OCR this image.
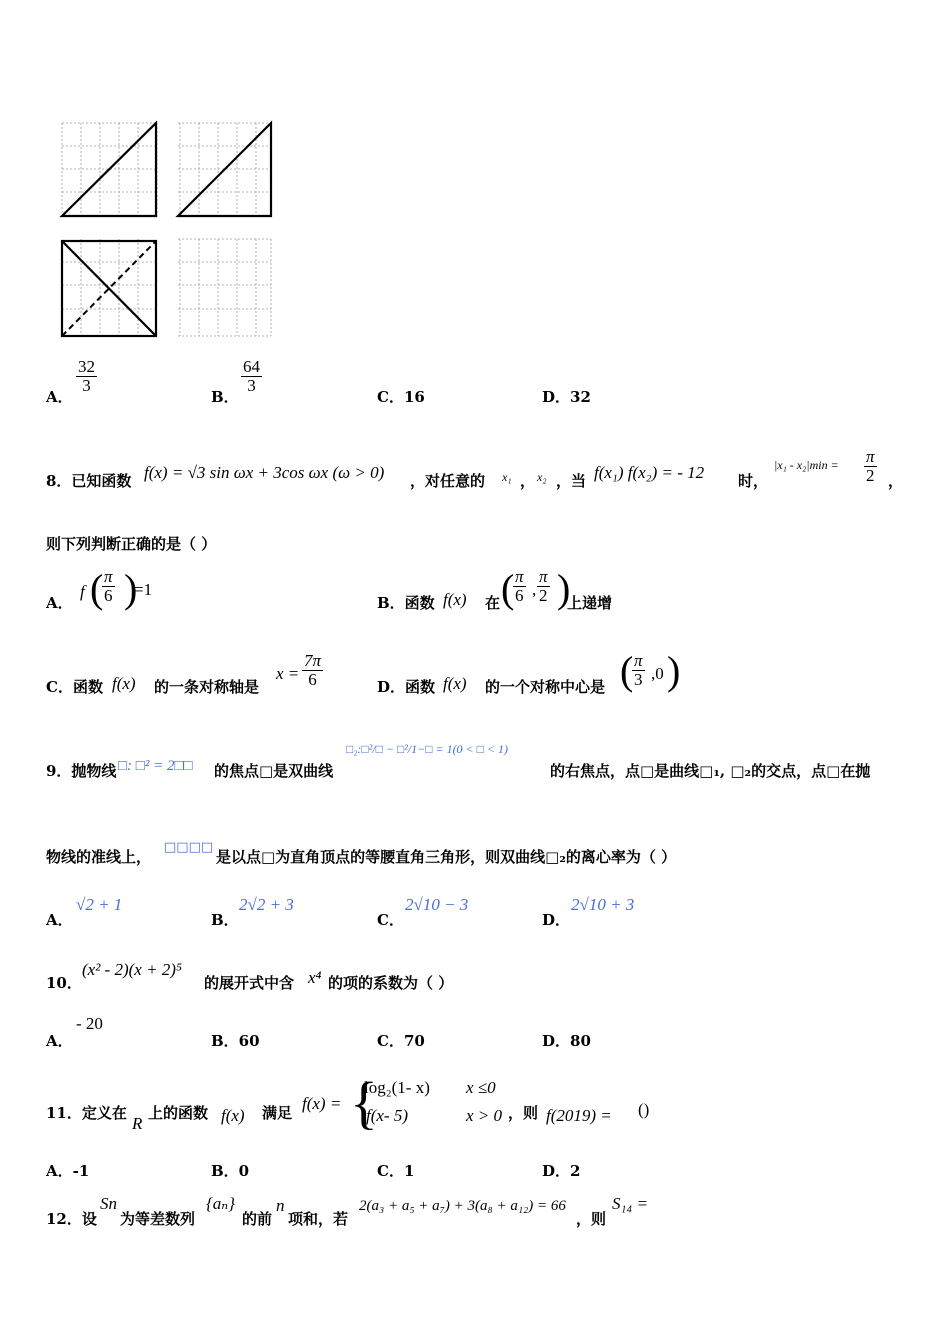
A．
$\frac{32}{3}$
B．
$\frac{64}{3}$
C．16	D．32
8．已知函数 f(x) = √3 sin ωx + 3cos ωx (ω > 0) ，对任意的 x₁ ， x₂ ，当 f(x₁) f(x₂) = - 12 时，
$|x_1 - x_2|\min = \frac{\pi}{2}$ ，
则下列判断正确的是（ ）
A．
f (
$\frac{\pi}{6}$ )
=1
B．函数 f(x) 在 (
$\frac{\pi}{6}$ , $\frac{\pi}{2}$ )
上递增
C．函数 f(x) 的一条对称轴是
$x = \frac{7\pi}{6}$	D．函数 f(x) 的一个对称中心是 (
$\frac{\pi}{3} ,0$ )
9．抛物线 □: □² = 2□□ 的焦点□是双曲线
□₂:□²/□ − □²/1−□ = 1(0 < □ < 1)
的右焦点，点□是曲线□₁, □₂的交点，点□在抛
物线的准线上，
□□□□
是以点□为直角顶点的等腰直角三角形，则双曲线□₂的离心率为（ ）
A．
√2 + 1
B．
2√2 + 3
C．
2√10 − 3
D．
2√10 + 3
10．
(x² - 2)(x + 2)⁵
的展开式中含 x⁴ 的项的系数为（ ）
A．
- 20
B．60	C．70	D．80
11．定义在
R
上的函数 f(x) 满足 f(x) = {
log₂(1- x) x ≤0
f(x- 5)	x > 0 ，则 f(2019) = ()
A．-1	B．0	C．1	D．2
12．设
Sn
为等差数列
{aₙ}
的前
n
项和，若
2(a₃ + a₅ + a₇) + 3(a₈ + a₁₂) = 66
，则
S₁₄ =
